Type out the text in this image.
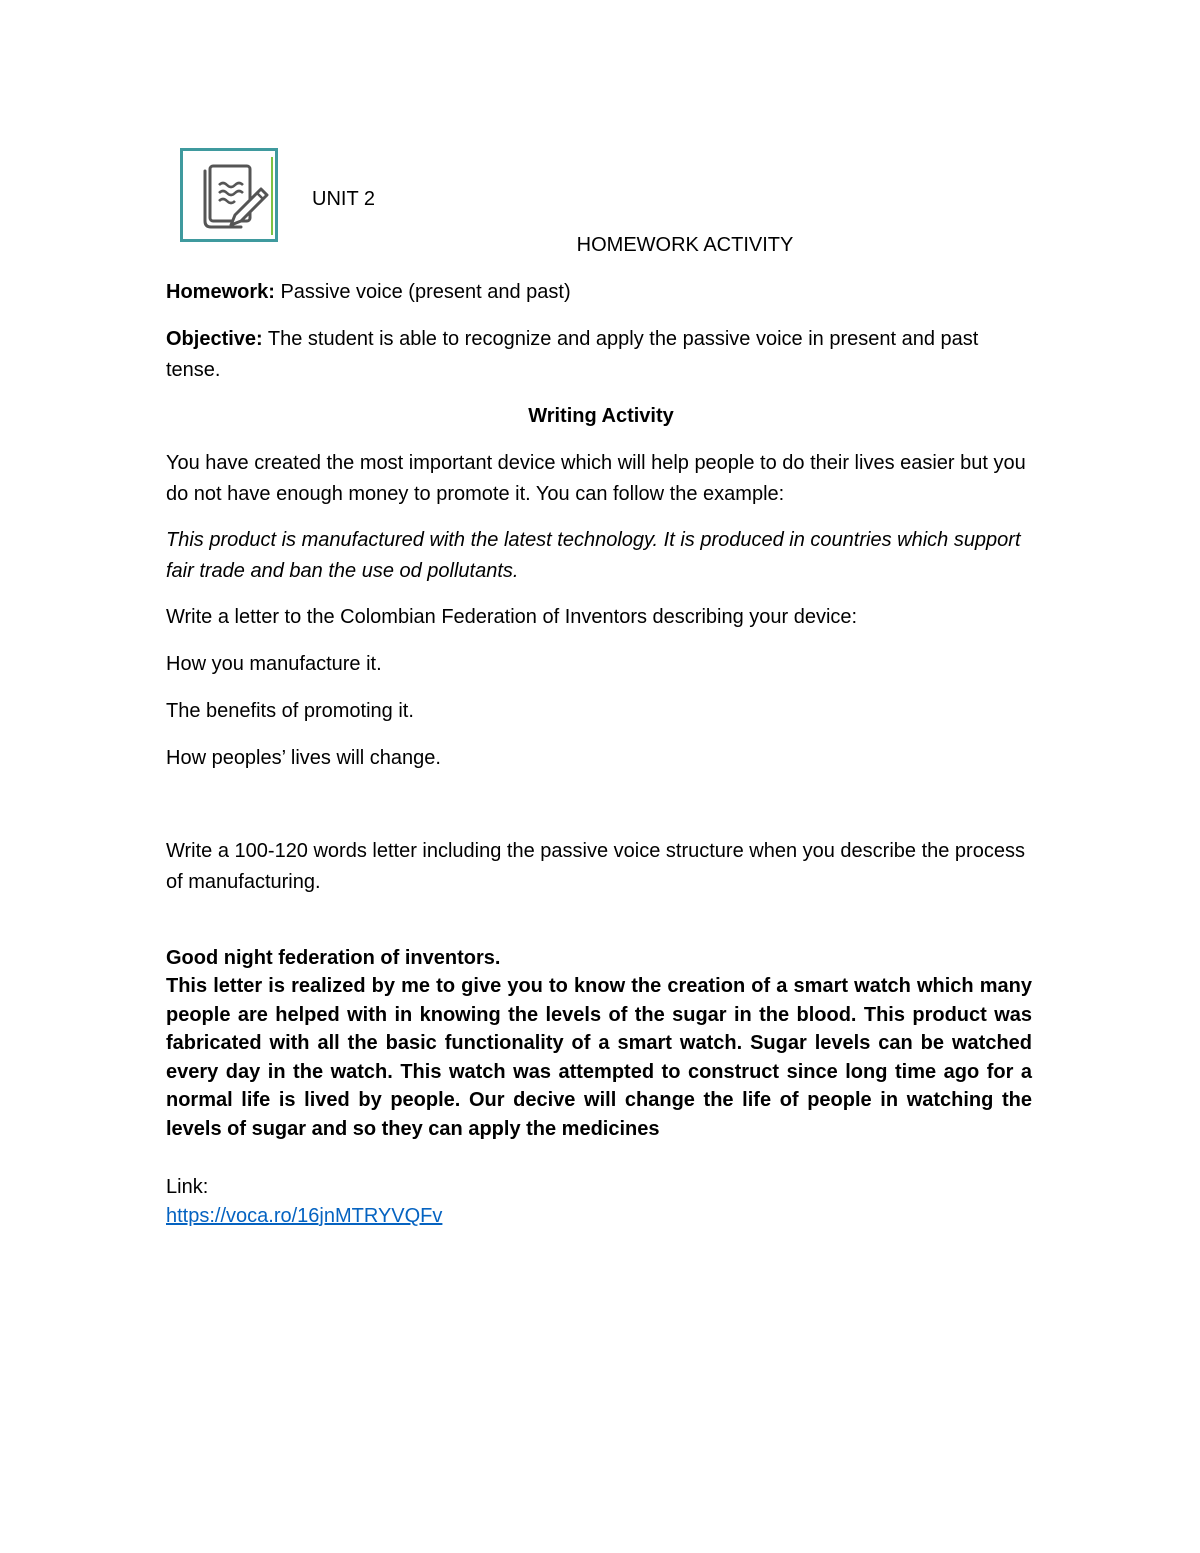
UNIT 2
HOMEWORK ACTIVITY
Homework: Passive voice (present and past)
Objective: The student is able to recognize and apply the passive voice in present and past tense.
Writing Activity
You have created the most important device which will help people to do their lives easier but you do not have enough money to promote it. You can follow the example:
This product is manufactured with the latest technology. It is produced in countries which support fair trade and ban the use od pollutants.
Write a letter to the Colombian Federation of Inventors describing your device:
How you manufacture it.
The benefits of promoting it.
How peoples’ lives will change.
Write a 100-120 words letter including the passive voice structure when you describe the process of manufacturing.
Good night federation of inventors.
This letter is realized by me to give you to know the creation of a smart watch which many people are helped with in knowing the levels of the sugar in the blood. This product was fabricated with all the basic functionality of a smart watch. Sugar levels can be watched every day in the watch. This watch was attempted to construct since long time ago for a normal life is lived by people. Our decive will change the life of people in watching the levels of sugar and so they can apply the medicines
Link:
https://voca.ro/16jnMTRYVQFv
